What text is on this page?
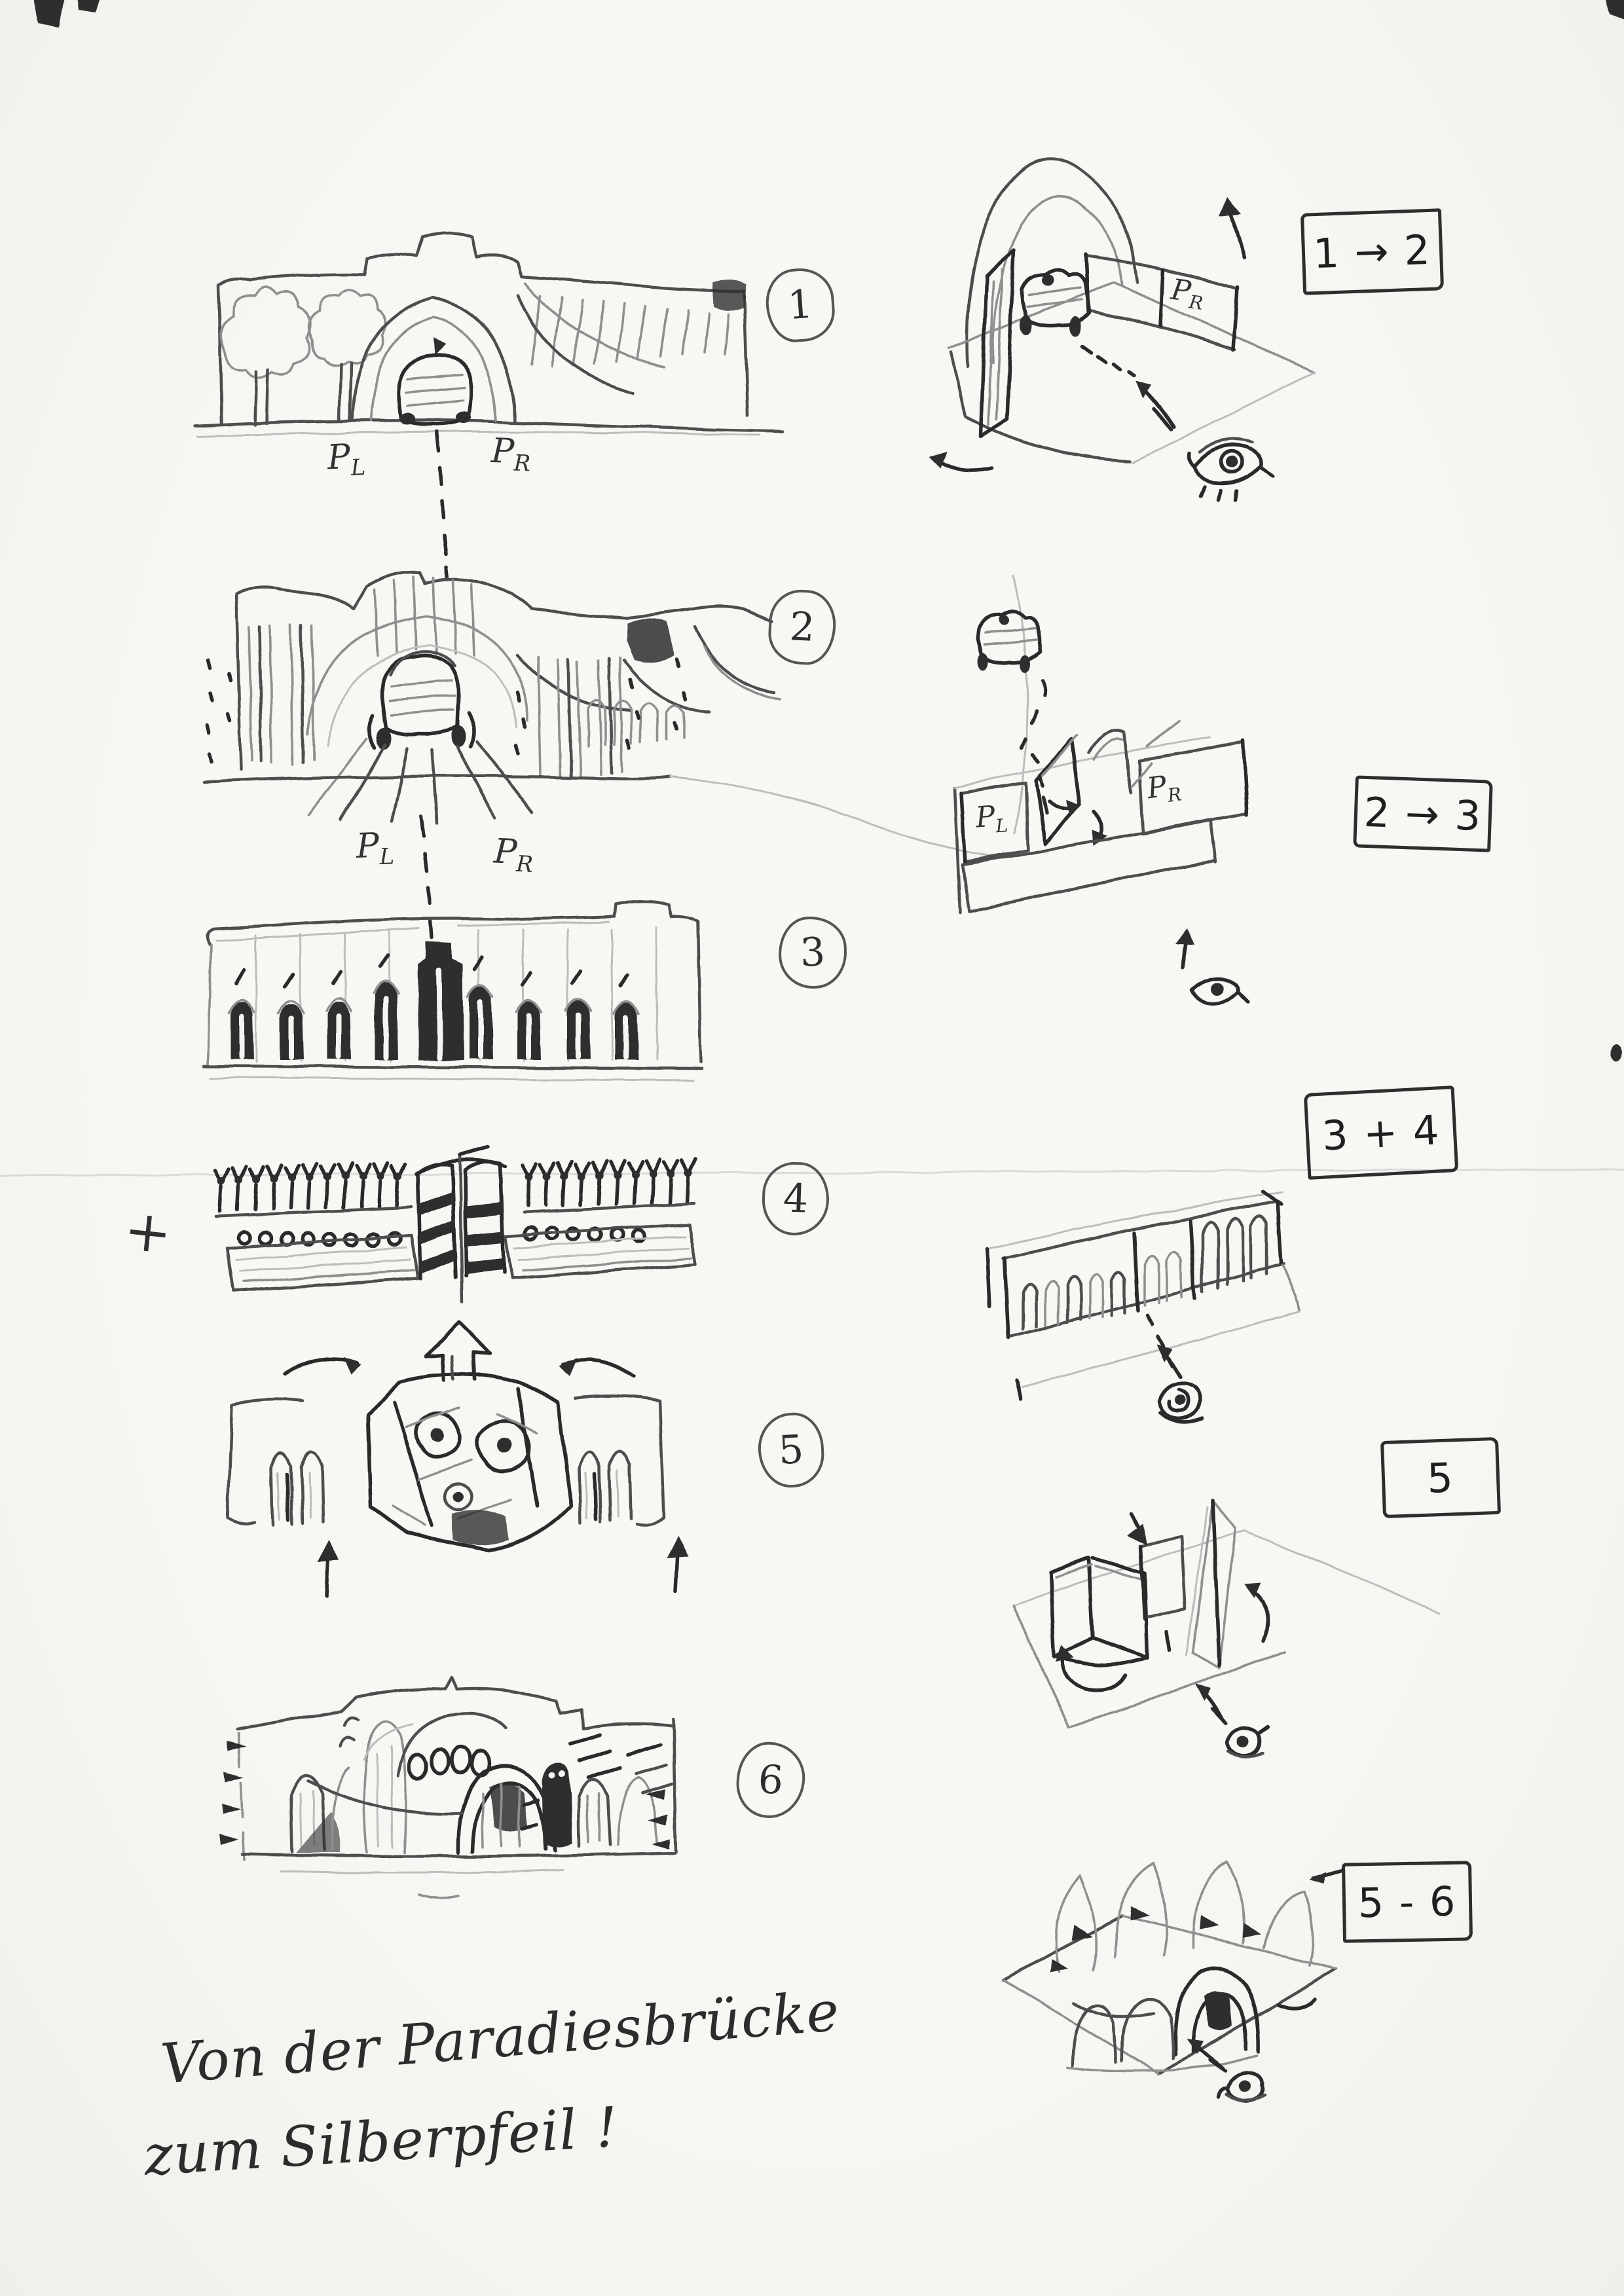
1
2
3
4
5
6
$P_L$	$P_R$
$P_L$	$P_R$
+
1 → 2
2 → 3
3 + 4
5
5 - 6
$P_R$
$P_L$
$P_R$
Von der Paradiesbrücke
zum Silberpfeil !
